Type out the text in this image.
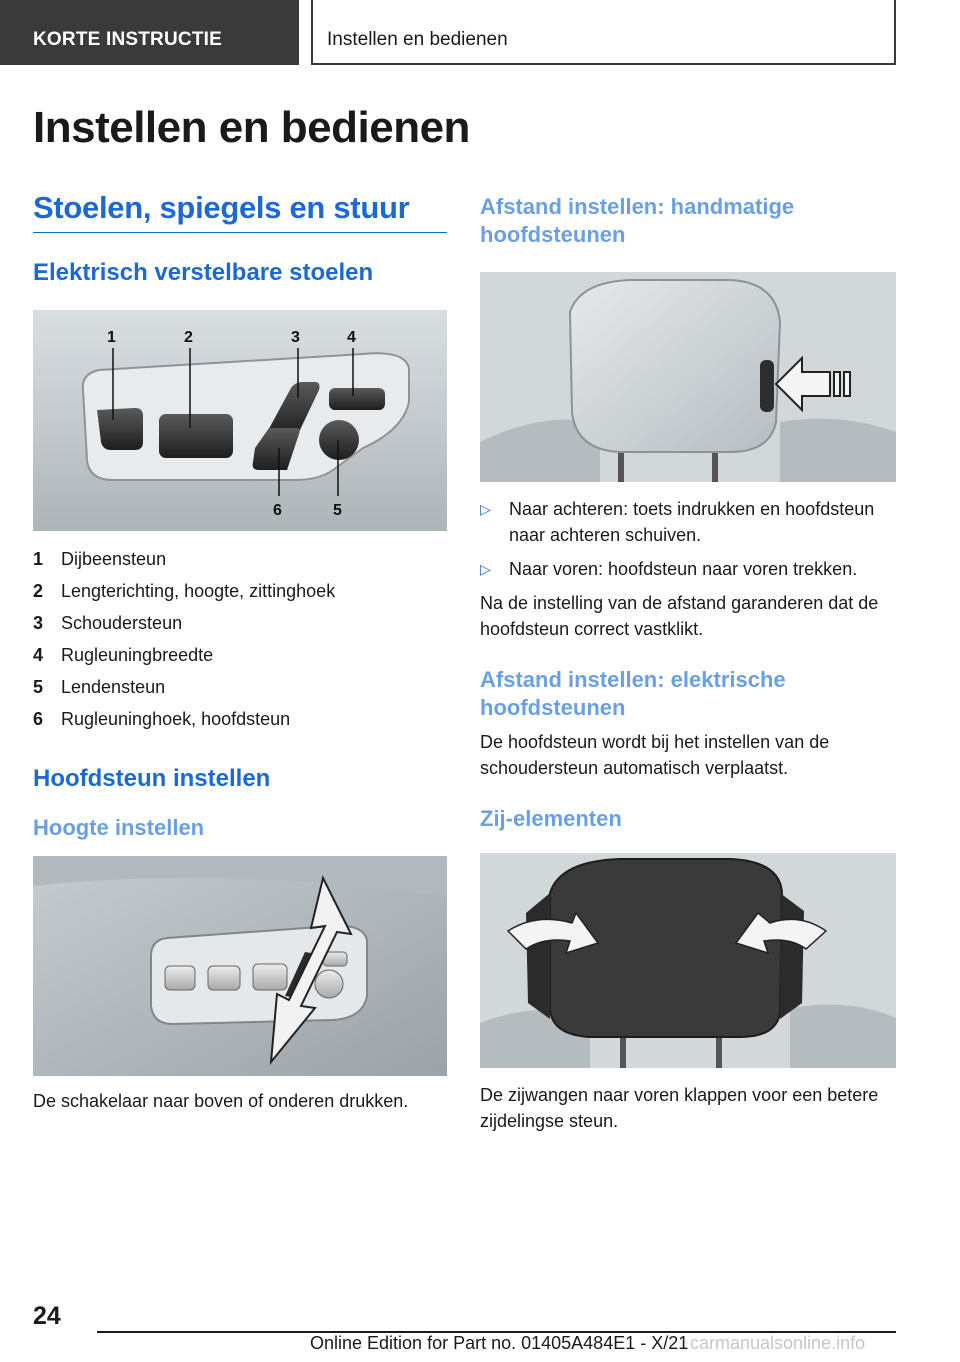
KORTE INSTRUCTIE	Instellen en bedienen
Instellen en bedienen
Stoelen, spiegels en stuur
Elektrisch verstelbare stoelen
1	2	3	4
5
6
1 Dijbeensteun
2 Lengterichting, hoogte, zittinghoek
3 Schoudersteun
4 Rugleuningbreedte
5 Lendensteun
6 Rugleuninghoek, hoofdsteun
Hoofdsteun instellen
Hoogte instellen

De schakelaar naar boven of onderen drukken.

Afstand instellen: handmatige hoofdsteunen
▷ Naar achteren: toets indrukken en hoofdsteun naar achteren schuiven.
▷ Naar voren: hoofdsteun naar voren trekken.

Na de instelling van de afstand garanderen dat de hoofdsteun correct vastklikt.

Afstand instellen: elektrische hoofdsteunen

De hoofdsteun wordt bij het instellen van de schoudersteun automatisch verplaatst.

Zij-elementen

De zijwangen naar voren klappen voor een betere zijdelingse steun.

24
Online Edition for Part no. 01405A484E1 - X/21 carmanualsonline.info
